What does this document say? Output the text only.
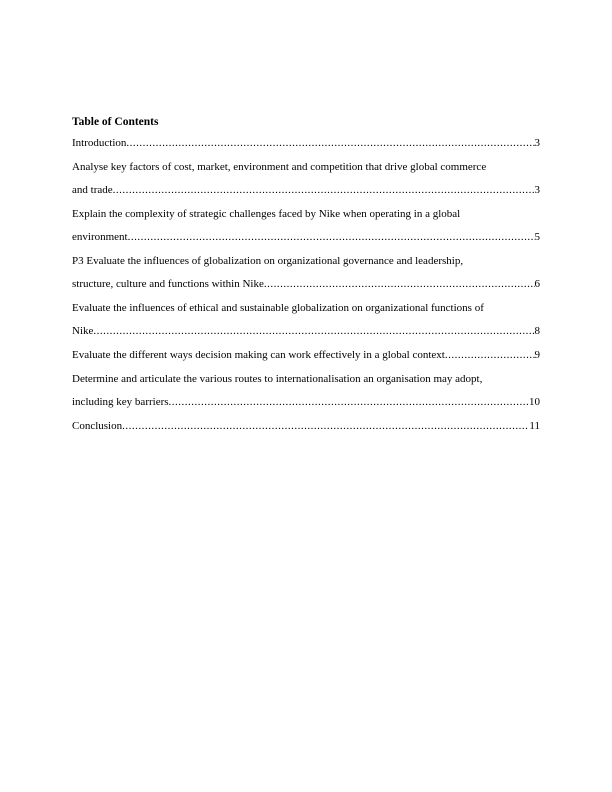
Table of Contents
Introduction .....	3
Analyse key factors of cost, market, environment and competition that drive global commerce
and trade .....	3
Explain the complexity of strategic challenges faced by Nike when operating in a global
environment .....	5
P3 Evaluate the influences of globalization on organizational governance and leadership,
structure, culture and functions within Nike .....	6
Evaluate the influences of ethical and sustainable globalization on organizational functions of
Nike .....	8
Evaluate the different ways decision making can work effectively in a global context .....	9
Determine and articulate the various routes to internationalisation an organisation may adopt,
including key barriers .....	10
Conclusion .....	11
